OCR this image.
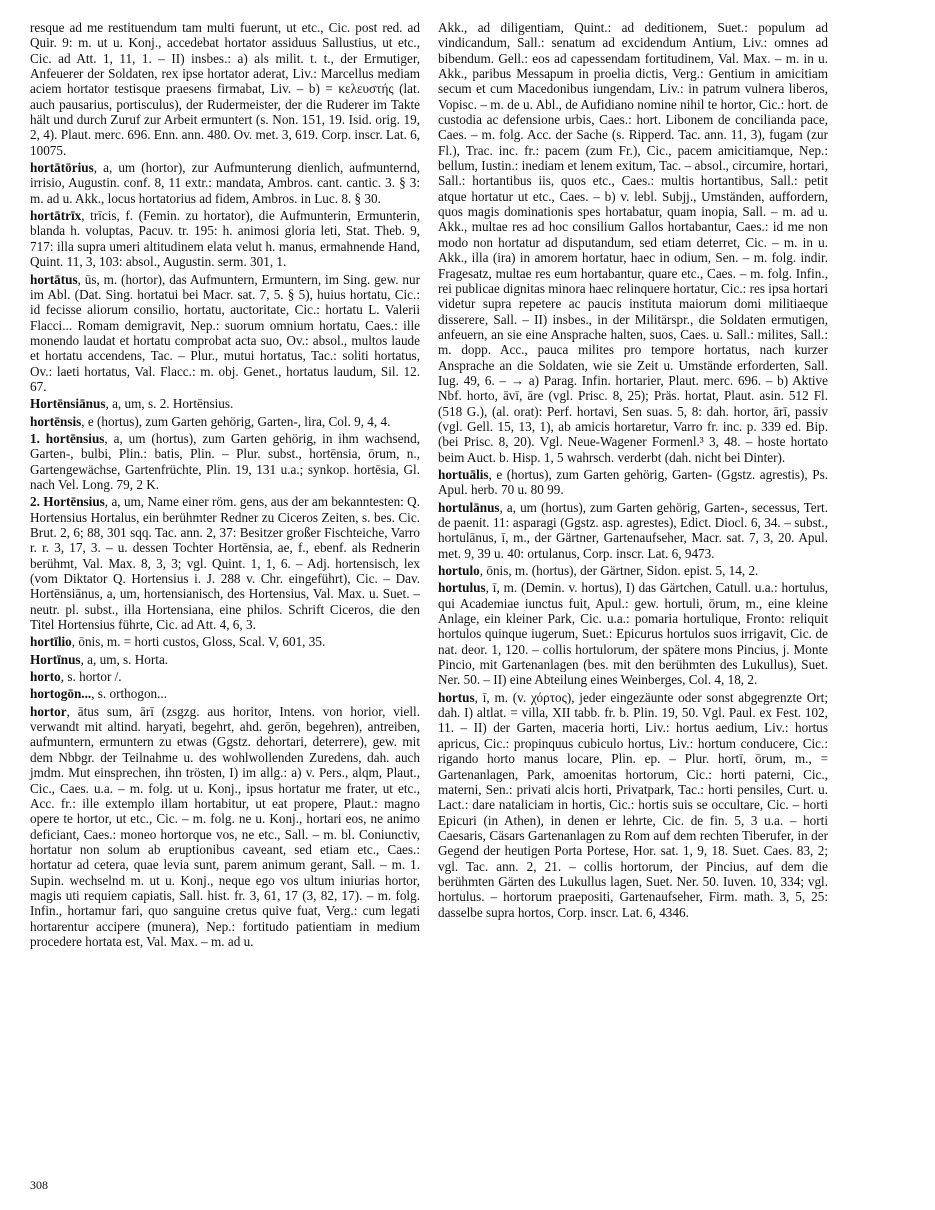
resque ad me restituendum tam multi fuerunt, ut etc., Cic. post red. ad Quir. 9: m. ut u. Konj., accedebat hortator assiduus Sallustius, ut etc., Cic. ad Att. 1, 11, 1. – II) insbes.: a) als milit. t. t., der Ermutiger, Anfeuerer der Soldaten, rex ipse hortator aderat, Liv.: Marcellus mediam aciem hortator testisque praesens firmabat, Liv. – b) = κελευστής (lat. auch pausarius, portisculus), der Rudermeister, der die Ruderer im Takte hält und durch Zuruf zur Arbeit ermuntert (s. Non. 151, 19. Isid. orig. 19, 2, 4). Plaut. merc. 696. Enn. ann. 480. Ov. met. 3, 619. Corp. inscr. Lat. 6, 10075.

hortātōrius, a, um (hortor), zur Aufmunterung dienlich, aufmunternd, irrisio, Augustin. conf. 8, 11 extr.: mandata, Ambros. cant. cantic. 3. § 3: m. ad u. Akk., locus hortatorius ad fidem, Ambros. in Luc. 8. § 30.

hortātrīx, trīcis, f. (Femin. zu hortator), die Aufmunterin, Ermunterin, blanda h. voluptas, Pacuv. tr. 195: h. animosi gloria leti, Stat. Theb. 9, 717: illa supra umeri altitudinem elata velut h. manus, ermahnende Hand, Quint. 11, 3, 103: absol., Augustin. serm. 301, 1.

hortātus, ūs, m. (hortor), das Aufmuntern, Ermuntern, im Sing. gew. nur im Abl. (Dat. Sing. hortatui bei Macr. sat. 7, 5. § 5), huius hortatu, Cic.: id fecisse aliorum consilio, hortatu, auctoritate, Cic.: hortatu L. Valerii Flacci... Romam demigravit, Nep.: suorum omnium hortatu, Caes.: ille monendo laudat et hortatu comprobat acta suo, Ov.: absol., multos laude et hortatu accendens, Tac. – Plur., mutui hortatus, Tac.: soliti hortatus, Ov.: laeti hortatus, Val. Flacc.: m. obj. Genet., hortatus laudum, Sil. 12. 67.

Hortēnsiānus, a, um, s. 2. Hortēnsius.

hortēnsis, e (hortus), zum Garten gehörig, Garten-, lira, Col. 9, 4, 4.

1. hortēnsius, a, um (hortus), zum Garten gehörig, in ihm wachsend, Garten-, bulbi, Plin.: batis, Plin. – Plur. subst., hortēnsia, ōrum, n., Gartengewächse, Gartenfrüchte, Plin. 19, 131 u.a.; synkop. hortēsia, Gl. nach Vel. Long. 79, 2 K.

2. Hortēnsius, a, um, Name einer röm. gens, aus der am bekanntesten: Q. Hortensius Hortalus, ein berühmter Redner zu Ciceros Zeiten, s. bes. Cic. Brut. 2, 6; 88, 301 sqq. Tac. ann. 2, 37: Besitzer großer Fischteiche, Varro r. r. 3, 17, 3. – u. dessen Tochter Hortēnsia, ae, f., ebenf. als Rednerin berühmt, Val. Max. 8, 3, 3; vgl. Quint. 1, 1, 6. – Adj. hortensisch, lex (vom Diktator Q. Hortensius i. J. 288 v. Chr. eingeführt), Cic. – Dav. Hortēnsiānus, a, um, hortensianisch, des Hortensius, Val. Max. u. Suet. – neutr. pl. subst., illa Hortensiana, eine philos. Schrift Ciceros, die den Titel Hortensius führte, Cic. ad Att. 4, 6, 3.

hortīlio, ōnis, m. = horti custos, Gloss, Scal. V, 601, 35.

Hortīnus, a, um, s. Horta.

horto, s. hortor /.

hortogōn..., s. orthogon...

hortor, ātus sum, ārī (zsgzg. aus horitor, Intens. von horior, viell. verwandt mit altind. haryati, begehrt, ahd. gerōn, begehren), antreiben, aufmuntern, ermuntern zu etwas (Ggstz. dehortari, deterrere), gew. mit dem Nbbgr. der Teilnahme u. des wohlwollenden Zuredens, dah. auch jmdm. Mut einsprechen, ihn trösten, I) im allg.: a) v. Pers., alqm, Plaut., Cic., Caes. u.a. – m. folg. ut u. Konj., ipsus hortatur me frater, ut etc., Acc. fr.: ille extemplo illam hortabitur, ut eat propere, Plaut.: magno opere te hortor, ut etc., Cic. – m. folg. ne u. Konj., hortari eos, ne animo deficiant, Caes.: moneo hortorque vos, ne etc., Sall. – m. bl. Coniunctiv, hortatur non solum ab eruptionibus caveant, sed etiam etc., Caes.: hortatur ad cetera, quae levia sunt, parem animum gerant, Sall. – m. 1. Supin. wechselnd m. ut u. Konj., neque ego vos ultum iniurias hortor, magis uti requiem capiatis, Sall. hist. fr. 3, 61, 17 (3, 82, 17). – m. folg. Infin., hortamur fari, quo sanguine cretus quive fuat, Verg.: cum legati hortarentur accipere (munera), Nep.: fortitudo patientiam in medium procedere hortata est, Val. Max. – m. ad u.

Akk., ad diligentiam, Quint.: ad deditionem, Suet.: populum ad vindicandum, Sall.: senatum ad excidendum Antium, Liv.: omnes ad bibendum. Gell.: eos ad capessendam fortitudinem, Val. Max. – m. in u. Akk., paribus Messapum in proelia dictis, Verg.: Gentium in amicitiam secum et cum Macedonibus iungendam, Liv.: in patrum vulnera liberos, Vopisc. – m. de u. Abl., de Aufidiano nomine nihil te hortor, Cic.: hort. de custodia ac defensione urbis, Caes.: hort. Libonem de concilianda pace, Caes. – m. folg. Acc. der Sache (s. Ripperd. Tac. ann. 11, 3), fugam (zur Fl.), Trac. inc. fr.: pacem (zum Fr.), Cic., pacem amicitiamque, Nep.: bellum, Iustin.: inediam et lenem exitum, Tac. – absol., circumire, hortari, Sall.: hortantibus iis, quos etc., Caes.: multis hortantibus, Sall.: petit atque hortatur ut etc., Caes. – b) v. lebl. Subjj., Umständen, auffordern, quos magis dominationis spes hortabatur, quam inopia, Sall. – m. ad u. Akk., multae res ad hoc consilium Gallos hortabantur, Caes.: id me non modo non hortatur ad disputandum, sed etiam deterret, Cic. – m. in u. Akk., illa (ira) in amorem hortatur, haec in odium, Sen. – m. folg. indir. Fragesatz, multae res eum hortabantur, quare etc., Caes. – m. folg. Infin., rei publicae dignitas minora haec relinquere hortatur, Cic.: res ipsa hortari videtur supra repetere ac paucis instituta maiorum domi militiaeque disserere, Sall. – II) insbes., in der Militärspr., die Soldaten ermutigen, anfeuern, an sie eine Ansprache halten, suos, Caes. u. Sall.: milites, Sall.: m. dopp. Acc., pauca milites pro tempore hortatus, nach kurzer Ansprache an die Soldaten, wie sie Zeit u. Umstände erforderten, Sall. Iug. 49, 6. – → a) Parag. Infin. hortarier, Plaut. merc. 696. – b) Aktive Nbf. horto, āvī, āre (vgl. Prisc. 8, 25); Präs. hortat, Plaut. asin. 512 Fl. (518 G.), (al. orat): Perf. hortavi, Sen suas. 5, 8: dah. hortor, ārī, passiv (vgl. Gell. 15, 13, 1), ab amicis hortaretur, Varro fr. inc. p. 339 ed. Bip. (bei Prisc. 8, 20). Vgl. Neue-Wagener Formenl.³ 3, 48. – hoste hortato beim Auct. b. Hisp. 1, 5 wahrsch. verderbt (dah. nicht bei Dinter).

hortuālis, e (hortus), zum Garten gehörig, Garten- (Ggstz. agrestis), Ps. Apul. herb. 70 u. 80 99.

hortulānus, a, um (hortus), zum Garten gehörig, Garten-, secessus, Tert. de paenit. 11: asparagi (Ggstz. asp. agrestes), Edict. Diocl. 6, 34. – subst., hortulānus, ī, m., der Gärtner, Gartenaufseher, Macr. sat. 7, 3, 20. Apul. met. 9, 39 u. 40: ortulanus, Corp. inscr. Lat. 6, 9473.

hortulo, ōnis, m. (hortus), der Gärtner, Sidon. epist. 5, 14, 2.

hortulus, ī, m. (Demin. v. hortus), I) das Gärtchen, Catull. u.a.: hortulus, qui Academiae iunctus fuit, Apul.: gew. hortuli, ōrum, m., eine kleine Anlage, ein kleiner Park, Cic. u.a.: pomaria hortulique, Fronto: reliquit hortulos quinque iugerum, Suet.: Epicurus hortulos suos irrigavit, Cic. de nat. deor. 1, 120. – collis hortulorum, der spätere mons Pincius, j. Monte Pincio, mit Gartenanlagen (bes. mit den berühmten des Lukullus), Suet. Ner. 50. – II) eine Abteilung eines Weinberges, Col. 4, 18, 2.

hortus, ī, m. (v. χόρτος), jeder eingezäunte oder sonst abgegrenzte Ort; dah. I) altlat. = villa, XII tabb. fr. b. Plin. 19, 50. Vgl. Paul. ex Fest. 102, 11. – II) der Garten, maceria horti, Liv.: hortus aedium, Liv.: hortus apricus, Cic.: propinquus cubiculo hortus, Liv.: hortum conducere, Cic.: rigando horto manus locare, Plin. ep. – Plur. hortī, ōrum, m., = Gartenanlagen, Park, amoenitas hortorum, Cic.: horti paterni, Cic., materni, Sen.: privati alcis horti, Privatpark, Tac.: horti pensiles, Curt. u. Lact.: dare nataliciam in hortis, Cic.: hortis suis se occultare, Cic. – horti Epicuri (in Athen), in denen er lehrte, Cic. de fin. 5, 3 u.a. – horti Caesaris, Cäsars Gartenanlagen zu Rom auf dem rechten Tiberufer, in der Gegend der heutigen Porta Portese, Hor. sat. 1, 9, 18. Suet. Caes. 83, 2; vgl. Tac. ann. 2, 21. – collis hortorum, der Pincius, auf dem die berühmten Gärten des Lukullus lagen, Suet. Ner. 50. Iuven. 10, 334; vgl. hortulus. – hortorum praepositi, Gartenaufseher, Firm. math. 3, 5, 25: dasselbe supra hortos, Corp. inscr. Lat. 6, 4346.

308
